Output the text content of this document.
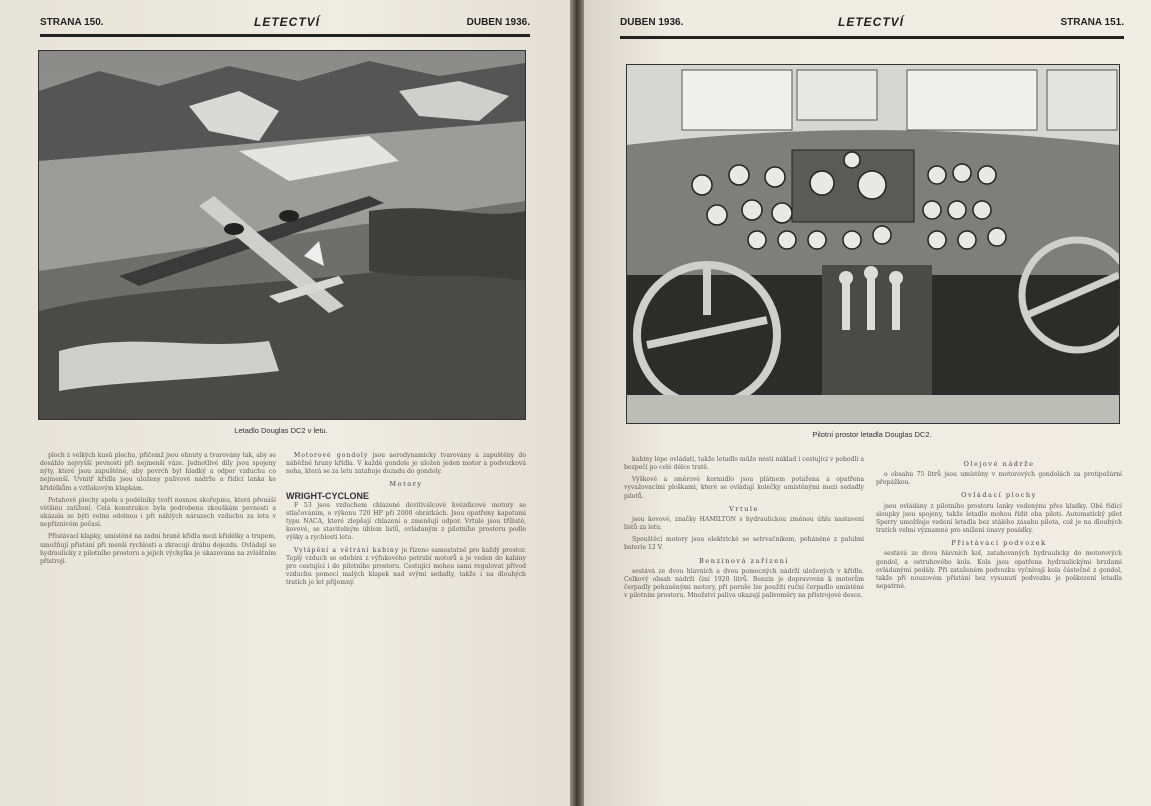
STRANA 150.	LETECTVÍ	DUBEN 1936.
Letadlo Douglas DC2 v letu.

ploch z velkých kusů plechu, přičemž jsou ohnuty a tvarovány tak, aby se dosáhlo nejvyšší pevnosti při nejmenší váze. Jednotlivé díly jsou spojeny nýty, které jsou zapuštěné, aby povrch byl hladký a odpor vzduchu co nejmenší. Uvnitř křídla jsou uloženy palivové nádrže a řídící lanka ke křidélkům a vztlakovým klapkám.

Potahové plechy spolu s podélníky tvoří nosnou skořepinu, která přenáší většinu zatížení. Celá konstrukce byla podrobena zkouškám pevnosti a ukázala se býti velmi odolnou i při náhlých nárazech vzduchu za letu v nepříznivém počasí.

Přistávací klapky, umístěné na zadní hraně křídla mezi křidélky a trupem, umožňují přistání při menší rychlosti a zkracují dráhu dojezdu. Ovládají se hydraulicky z pilotního prostoru a jejich výchylka je ukazována na zvláštním přístroji.

Motorové gondoly jsou aerodynamicky tvarovány a zapuštěny do náběžné hrany křídla. V každé gondole je uložen jeden motor a podvozková noha, která se za letu zatahuje dozadu do gondoly.

Motory
WRIGHT-CYCLONE

F 53 jsou vzduchem chlazené devítiválcové hvězdicové motory se stlačováním, o výkonu 720 HP při 2000 obrátkách. Jsou opatřeny kapotami typu NACA, které zlepšují chlazení a zmenšují odpor. Vrtule jsou třílisté, kovové, se stavitelným úhlem listů, ovládaným z pilotního prostoru podle výšky a rychlosti letu.

Vytápění a větrání kabiny je řízeno samostatně pro každý prostor. Teplý vzduch se odebírá z výfukového potrubí motorů a je veden do kabiny pro cestující i do pilotního prostoru. Cestující mohou sami regulovat přívod vzduchu pomocí malých klapek nad svými sedadly, takže i na dlouhých tratích je let příjemný.

DUBEN 1936.	LETECTVÍ	STRANA 151.
Pilotní prostor letadla Douglas DC2.

kabiny lépe ovládati, takže letadlo může nésti náklad i cestující v pohodlí a bezpečí po celé délce tratě.

Výškové a směrové kormidlo jsou plátnem potažena a opatřena vyvažovacími ploškami, které se ovládají kolečky umístěnými mezi sedadly pilotů.

Vrtule

jsou kovové, značky HAMILTON s hydraulickou změnou úhlu nastavení listů za letu.

Spouštěcí motory jsou elektrické se setrvačníkem, poháněné z palubní baterie 12 V.

Benzinová zařízení

sestává ze dvou hlavních a dvou pomocných nádrží uložených v křídle. Celkový obsah nádrží činí 1920 litrů. Benzin je dopravován k motorům čerpadly poháněnými motory, při poruše lze použíti ruční čerpadlo umístěné v pilotním prostoru. Množství paliva ukazují palivoměry na přístrojové desce.

Olejové nádrže

o obsahu 75 litrů jsou umístěny v motorových gondolách za protipožární přepážkou.

Ovládací plochy

jsou ovládány z pilotního prostoru lanky vedenými přes kladky. Obě řídící sloupky jsou spojeny, takže letadlo mohou řídit oba piloti. Automatický pilot Sperry umožňuje vedení letadla bez stálého zásahu pilota, což je na dlouhých tratích velmi významné pro snížení únavy posádky.

Přistávací podvozek

sestává ze dvou hlavních kol, zatahovaných hydraulicky do motorových gondol, a ostruhového kola. Kola jsou opatřena hydraulickými brzdami ovládanými pedály. Při zataženém podvozku vyčnívají kola částečně z gondol, takže při nouzovém přistání bez vysunutí podvozku je poškození letadla nepatrné.
